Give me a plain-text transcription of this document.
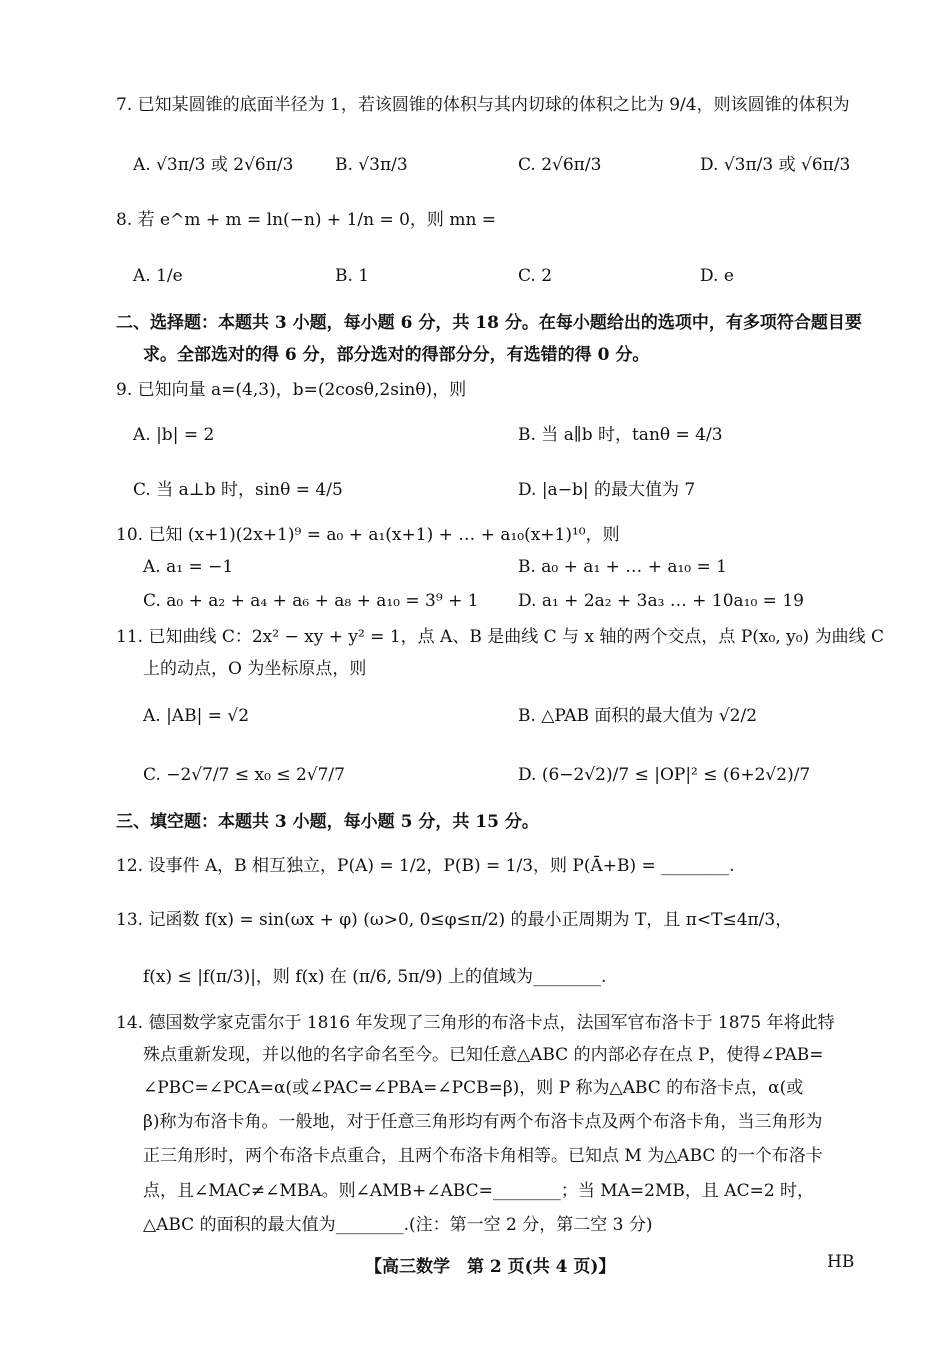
7. 已知某圆锥的底面半径为 1，若该圆锥的体积与其内切球的体积之比为 9/4，则该圆锥的体积为
A. √3π/3 或 2√6π/3 B. √3π/3	C. 2√6π/3	D. √3π/3 或 √6π/3
8. 若 e^m + m = ln(−n) + 1/n = 0，则 mn =
A. 1/e	B. 1	C. 2	D. e
二、选择题：本题共 3 小题，每小题 6 分，共 18 分。在每小题给出的选项中，有多项符合题目要
求。全部选对的得 6 分，部分选对的得部分分，有选错的得 0 分。
9. 已知向量 a=(4,3)，b=(2cosθ,2sinθ)，则
A. |b| = 2	B. 当 a∥b 时，tanθ = 4/3
C. 当 a⊥b 时，sinθ = 4/5	D. |a−b| 的最大值为 7
10. 已知 (x+1)(2x+1)⁹ = a₀ + a₁(x+1) + … + a₁₀(x+1)¹⁰，则
A. a₁ = −1	B. a₀ + a₁ + … + a₁₀ = 1
C. a₀ + a₂ + a₄ + a₆ + a₈ + a₁₀ = 3⁹ + 1 D. a₁ + 2a₂ + 3a₃ … + 10a₁₀ = 19
11. 已知曲线 C：2x² − xy + y² = 1，点 A、B 是曲线 C 与 x 轴的两个交点，点 P(x₀, y₀) 为曲线 C
上的动点，O 为坐标原点，则
A. |AB| = √2	B. △PAB 面积的最大值为 √2/2
C. −2√7/7 ≤ x₀ ≤ 2√7/7	D. (6−2√2)/7 ≤ |OP|² ≤ (6+2√2)/7
三、填空题：本题共 3 小题，每小题 5 分，共 15 分。
12. 设事件 A，B 相互独立，P(A) = 1/2，P(B) = 1/3，则 P(Ā+B) = ________.
13. 记函数 f(x) = sin(ωx + φ) (ω>0, 0≤φ≤π/2) 的最小正周期为 T，且 π<T≤4π/3，
f(x) ≤ |f(π/3)|，则 f(x) 在 (π/6, 5π/9) 上的值域为________.
14. 德国数学家克雷尔于 1816 年发现了三角形的布洛卡点，法国军官布洛卡于 1875 年将此特
殊点重新发现，并以他的名字命名至今。已知任意△ABC 的内部必存在点 P，使得∠PAB=
∠PBC=∠PCA=α(或∠PAC=∠PBA=∠PCB=β)，则 P 称为△ABC 的布洛卡点，α(或
β)称为布洛卡角。一般地，对于任意三角形均有两个布洛卡点及两个布洛卡角，当三角形为
正三角形时，两个布洛卡点重合，且两个布洛卡角相等。已知点 M 为△ABC 的一个布洛卡
点，且∠MAC≠∠MBA。则∠AMB+∠ABC=________；当 MA=2MB，且 AC=2 时，
△ABC 的面积的最大值为________.(注：第一空 2 分，第二空 3 分)
【高三数学　第 2 页(共 4 页)】	HB
